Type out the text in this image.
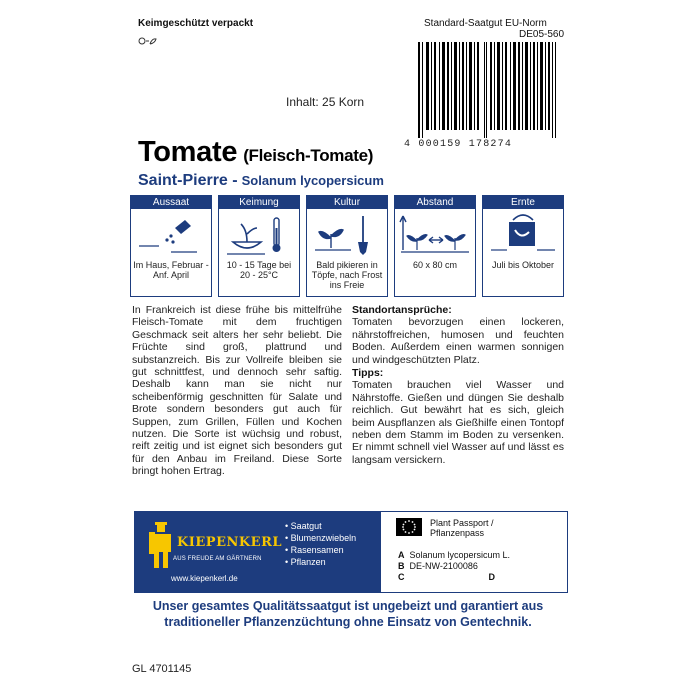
Keimgeschützt verpackt	Standard-Saatgut EU-Norm
DE05-560
4 000159 178274
Inhalt: 25 Korn
Tomate (Fleisch-Tomate)
Saint-Pierre - Solanum lycopersicum
Aussaat
Im Haus, Februar - Anf. April
Keimung
10 - 15 Tage bei 20 - 25°C
Kultur
Bald pikieren in Töpfe, nach Frost ins Freie
Abstand
60 x 80 cm
Ernte
Juli bis Oktober
In Frankreich ist diese frühe bis mittelfrühe Fleisch-Tomate mit dem fruchtigen Geschmack seit alters her sehr beliebt. Die Früchte sind groß, plattrund und substanzreich. Bis zur Vollreife bleiben sie gut schnittfest, und dennoch sehr saftig. Deshalb kann man sie nicht nur scheibenförmig geschnitten für Salate und Brote sondern besonders gut auch für Suppen, zum Grillen, Füllen und Kochen nutzen. Die Sorte ist wüchsig und robust, reift zeitig und ist eignet sich besonders gut für den Anbau im Freiland. Diese Sorte bringt hohen Ertrag.
Standortansprüche:
Tomaten bevorzugen einen lockeren, nährstoffreichen, humosen und feuchten Boden. Außerdem einen warmen sonnigen und windgeschützten Platz.
Tipps:
Tomaten brauchen viel Wasser und Nährstoffe. Gießen und düngen Sie deshalb reichlich. Gut bewährt hat es sich, gleich beim Auspflanzen als Gießhilfe einen Tontopf neben dem Stamm im Boden zu versenken. Er nimmt schnell viel Wasser auf und lässt es langsam versickern.
KIEPENKERL
AUS FREUDE AM GÄRTNERN
www.kiepenkerl.de
• Saatgut
• Blumenzwiebeln
• Rasensamen
• Pflanzen
Plant Passport /
Pflanzenpass
A Solanum lycopersicum L.
B DE-NW-2100086
C	D
Unser gesamtes Qualitätssaatgut ist ungebeizt und garantiert aus
traditioneller Pflanzenzüchtung ohne Einsatz von Gentechnik.
GL 4701145
